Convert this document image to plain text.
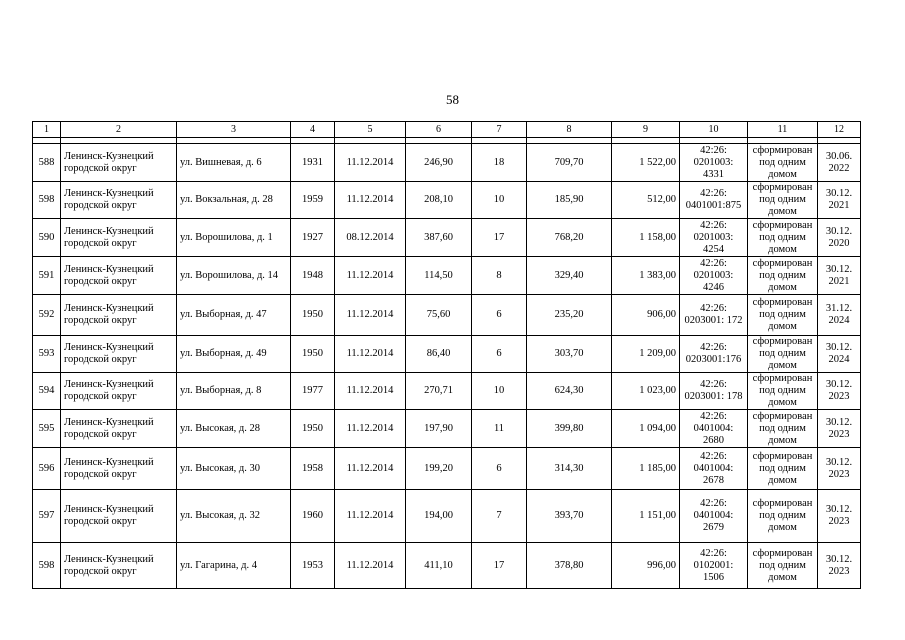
58
1	2	3	4	5	6	7	8	9	10	11	12

588	Ленинск-Кузнецкий городской округ	ул. Вишневая, д. 6	1931	11.12.2014	246,90	18	709,70	1 522,00	42:26: 0201003: 4331	сформирован под одним домом	30.06. 2022
598	Ленинск-Кузнецкий городской округ	ул. Вокзальная, д. 28	1959	11.12.2014	208,10	10	185,90	512,00	42:26: 0401001:875	сформирован под одним домом	30.12. 2021
590	Ленинск-Кузнецкий городской округ	ул. Ворошилова, д. 1	1927	08.12.2014	387,60	17	768,20	1 158,00	42:26: 0201003: 4254	сформирован под одним домом	30.12. 2020
591	Ленинск-Кузнецкий городской округ	ул. Ворошилова, д. 14	1948	11.12.2014	114,50	8	329,40	1 383,00	42:26: 0201003: 4246	сформирован под одним домом	30.12. 2021
592	Ленинск-Кузнецкий городской округ	ул. Выборная, д. 47	1950	11.12.2014	75,60	6	235,20	906,00	42:26: 0203001: 172	сформирован под одним домом	31.12. 2024
593	Ленинск-Кузнецкий городской округ	ул. Выборная, д. 49	1950	11.12.2014	86,40	6	303,70	1 209,00	42:26: 0203001:176	сформирован под одним домом	30.12. 2024
594	Ленинск-Кузнецкий городской округ	ул. Выборная, д. 8	1977	11.12.2014	270,71	10	624,30	1 023,00	42:26: 0203001: 178	сформирован под одним домом	30.12. 2023
595	Ленинск-Кузнецкий городской округ	ул. Высокая, д. 28	1950	11.12.2014	197,90	11	399,80	1 094,00	42:26: 0401004: 2680	сформирован под одним домом	30.12. 2023
596	Ленинск-Кузнецкий городской округ	ул. Высокая, д. 30	1958	11.12.2014	199,20	6	314,30	1 185,00	42:26: 0401004: 2678	сформирован под одним домом	30.12. 2023
597	Ленинск-Кузнецкий городской округ	ул. Высокая, д. 32	1960	11.12.2014	194,00	7	393,70	1 151,00	42:26: 0401004: 2679	сформирован под одним домом	30.12. 2023
598	Ленинск-Кузнецкий городской округ	ул. Гагарина, д. 4	1953	11.12.2014	411,10	17	378,80	996,00	42:26: 0102001: 1506	сформирован под одним домом	30.12. 2023
